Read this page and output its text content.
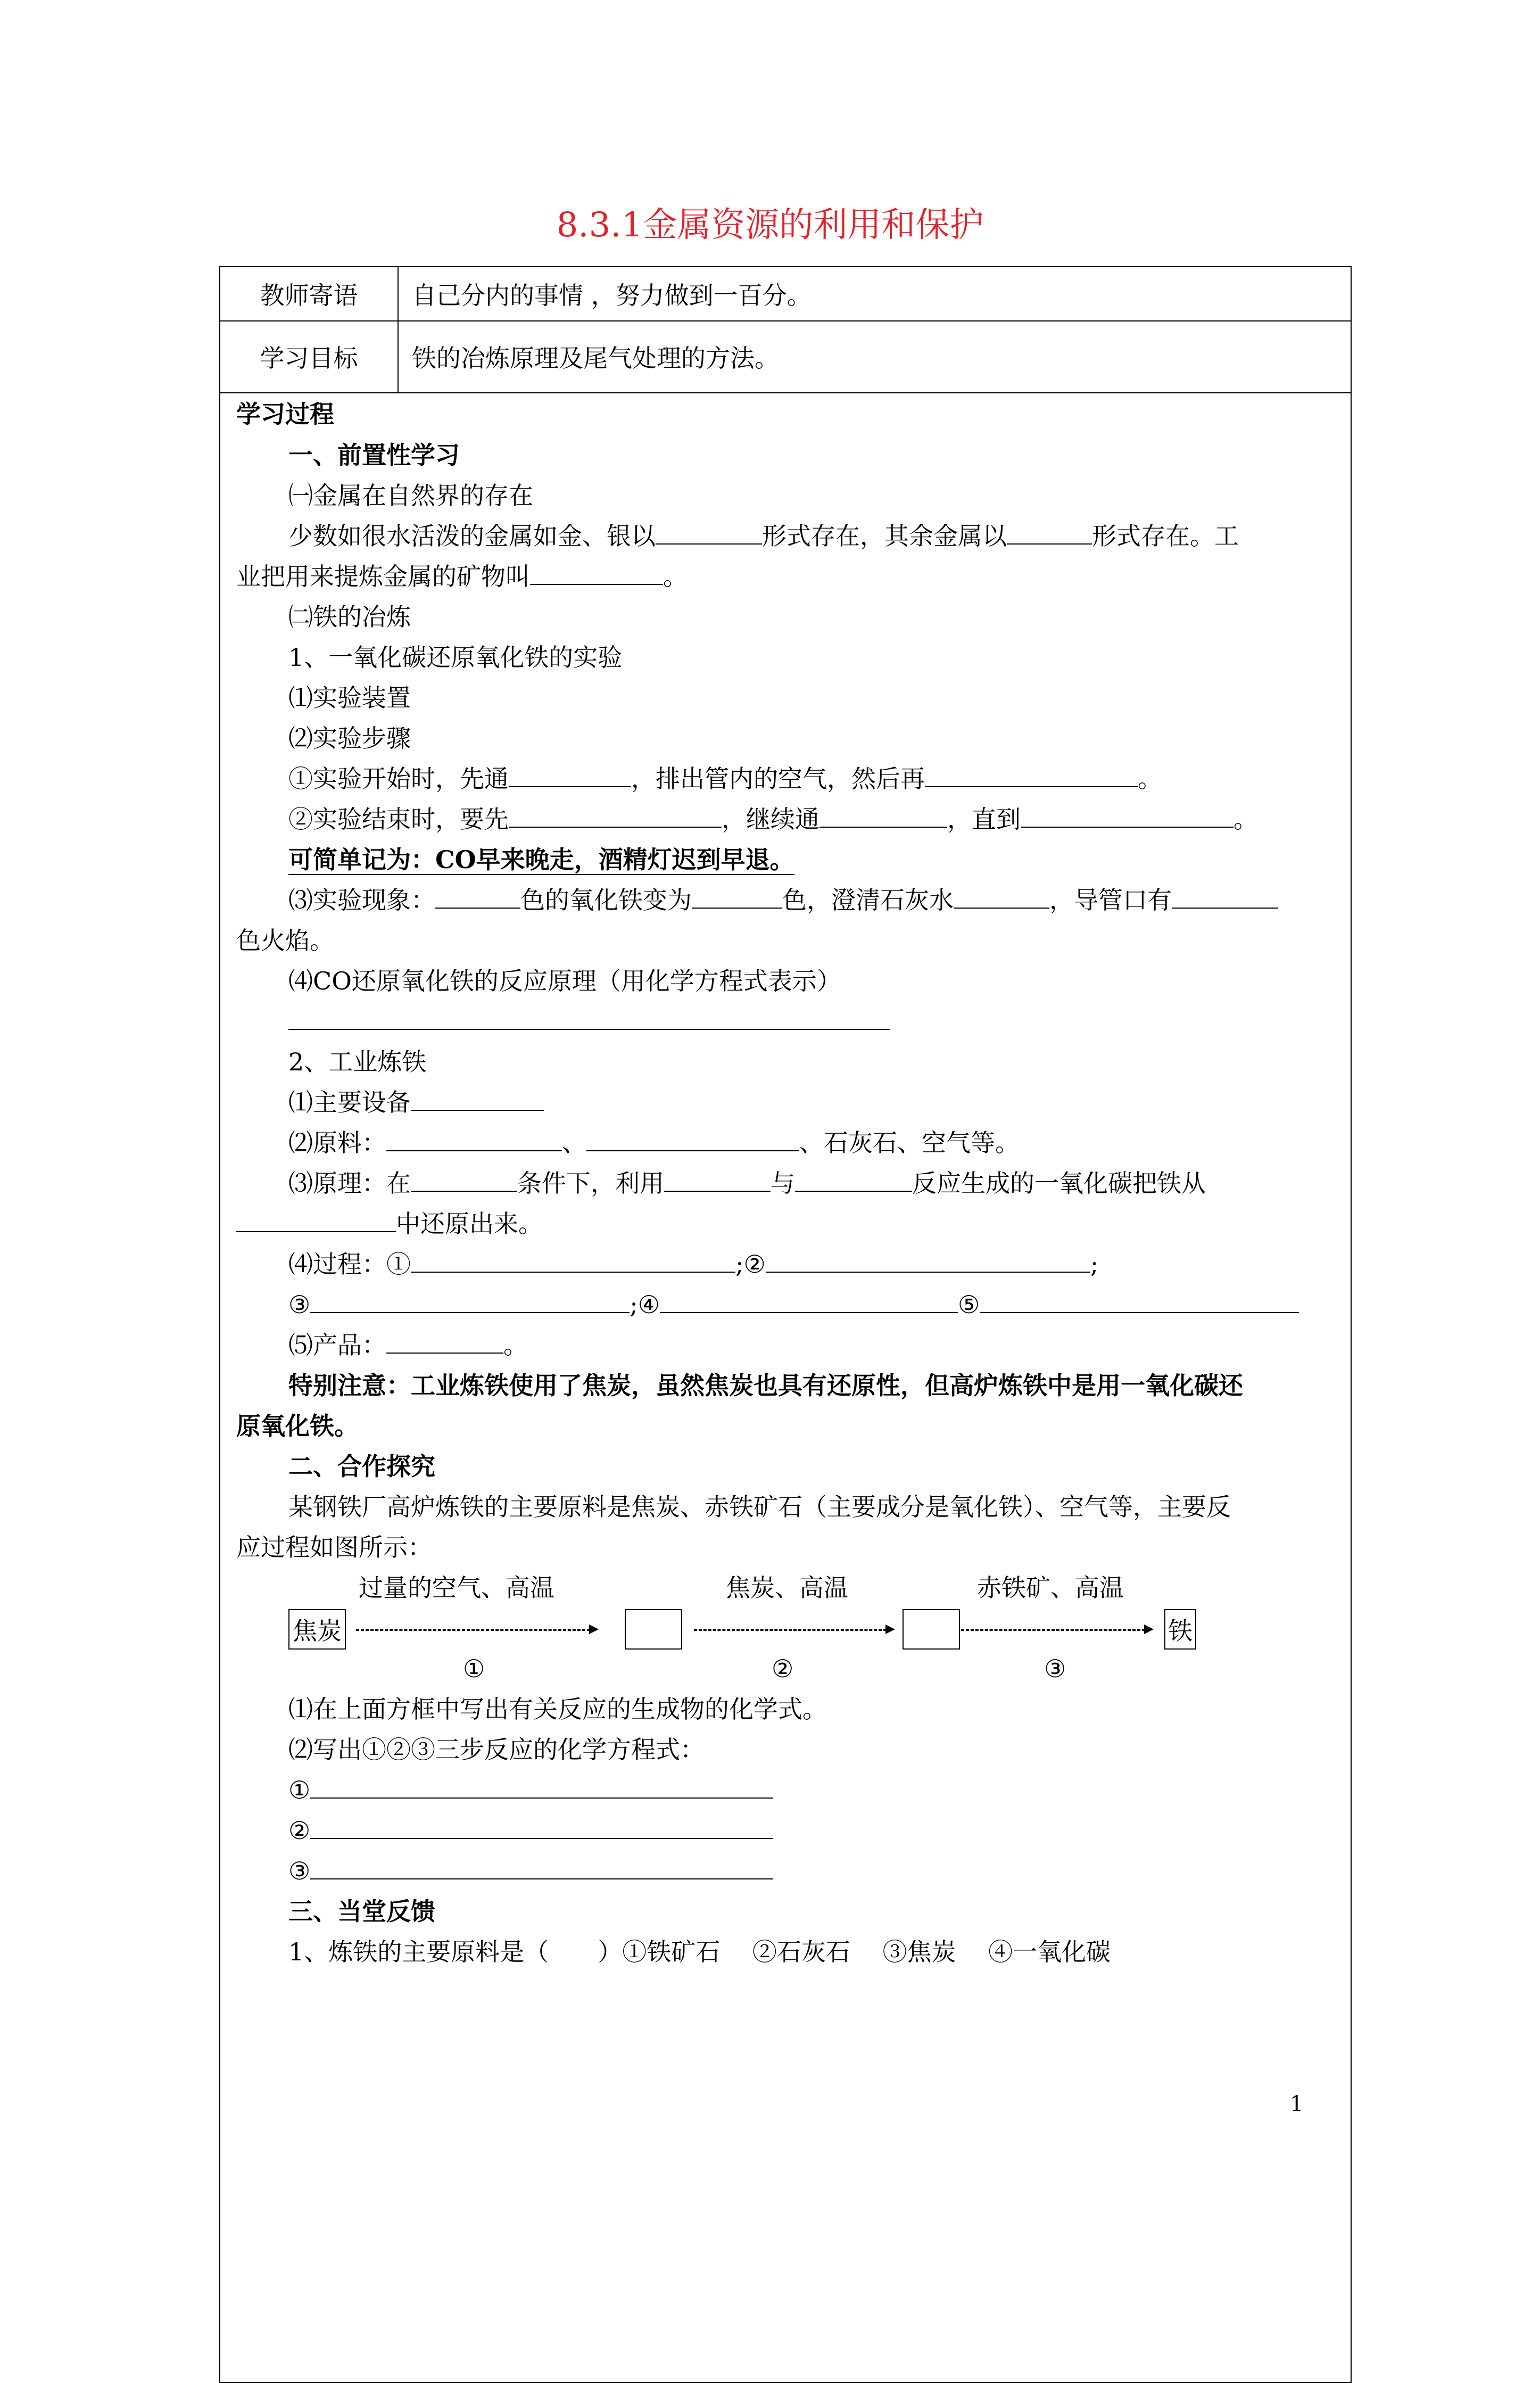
8.3.1金属资源的利用和保护
教师寄语	自己分内的事情 ，努力做到一百分。
学习目标	铁的冶炼原理及尾气处理的方法。
学习过程
一、前置性学习
㈠金属在自然界的存在
少数如很水活泼的金属如金、银以	形式存在，其余金属以	形式存在。工
业把用来提炼金属的矿物叫	。
㈡铁的冶炼
1、一氧化碳还原氧化铁的实验
⑴实验装置
⑵实验步骤
①实验开始时，先通	，排出管内的空气，然后再	。
②实验结束时，要先	，继续通	，直到	。
可简单记为：CO早来晚走，酒精灯迟到早退。
⑶实验现象：	色的氧化铁变为	色，澄清石灰水	，导管口有
色火焰。
⑷CO还原氧化铁的反应原理（用化学方程式表示）
2、工业炼铁
⑴主要设备
⑵原料：	、	、石灰石、空气等。
⑶原理：在	条件下，利用	与	反应生成的一氧化碳把铁从
中还原出来。
⑷过程：①	;②	;
③	;④	⑤
⑸产品：	。
特别注意：工业炼铁使用了焦炭，虽然焦炭也具有还原性，但高炉炼铁中是用一氧化碳还
原氧化铁。
二、合作探究
某钢铁厂高炉炼铁的主要原料是焦炭、赤铁矿石（主要成分是氧化铁）、空气等，主要反
应过程如图所示：
过量的空气、高温	焦炭、高温	赤铁矿、高温
焦炭	铁
①	②	③
⑴在上面方框中写出有关反应的生成物的化学式。
⑵写出①②③三步反应的化学方程式：
①
②
③
三、当堂反馈
1、炼铁的主要原料是（　　）①铁矿石　 ②石灰石　 ③焦炭　 ④一氧化碳
1
